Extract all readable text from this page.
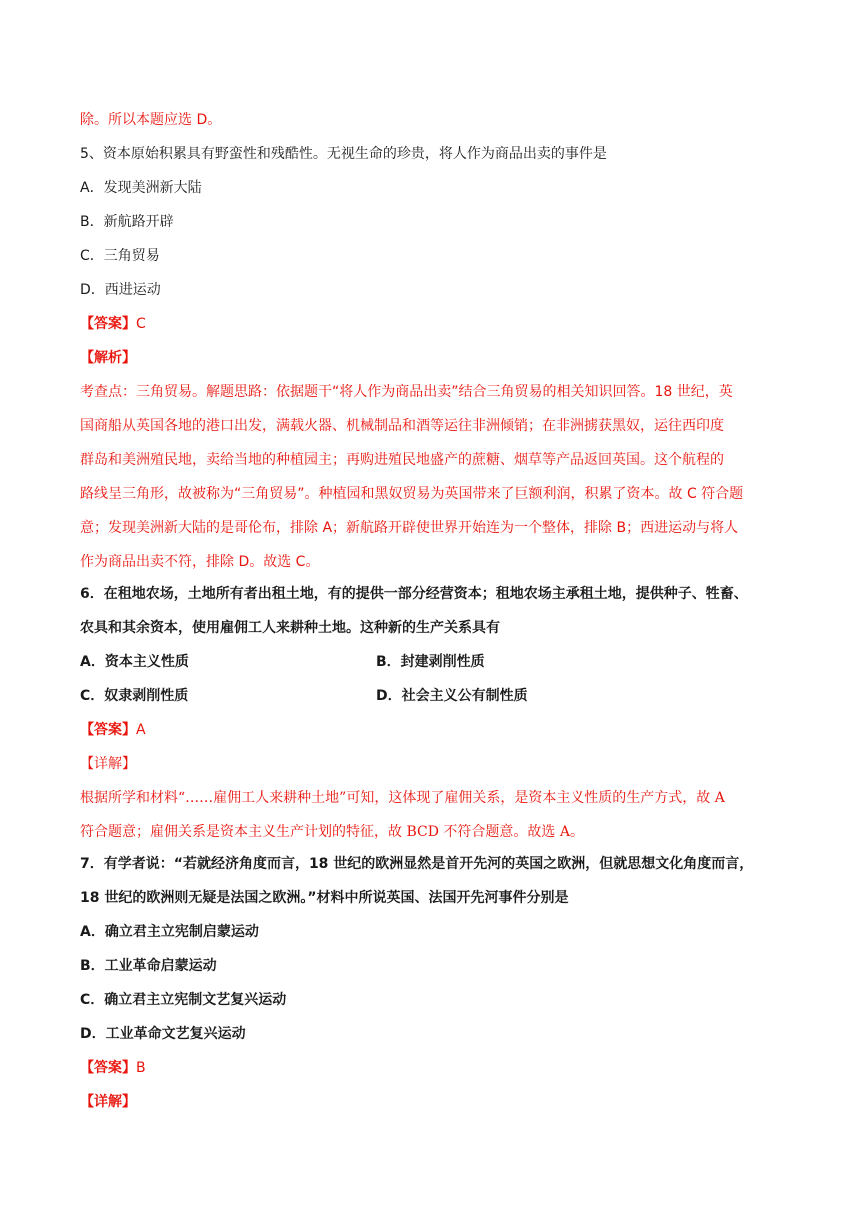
除。所以本题应选 D。
5、资本原始积累具有野蛮性和残酷性。无视生命的珍贵，将人作为商品出卖的事件是
A．发现美洲新大陆
B．新航路开辟
C．三角贸易
D．西进运动
【答案】C
【解析】
考查点：三角贸易。解题思路：依据题干“将人作为商品出卖”结合三角贸易的相关知识回答。18 世纪，英
国商船从英国各地的港口出发，满载火器、机械制品和酒等运往非洲倾销；在非洲掳获黑奴，运往西印度
群岛和美洲殖民地，卖给当地的种植园主；再购进殖民地盛产的蔗糖、烟草等产品返回英国。这个航程的
路线呈三角形，故被称为“三角贸易”。种植园和黑奴贸易为英国带来了巨额利润，积累了资本。故 C 符合题
意；发现美洲新大陆的是哥伦布，排除 A；新航路开辟使世界开始连为一个整体，排除 B；西进运动与将人
作为商品出卖不符，排除 D。故选 C。
6．在租地农场，土地所有者出租土地，有的提供一部分经营资本；租地农场主承租土地，提供种子、牲畜、
农具和其余资本，使用雇佣工人来耕种土地。这种新的生产关系具有
A．资本主义性质	B．封建剥削性质
C．奴隶剥削性质	D．社会主义公有制性质
【答案】A
【详解】
根据所学和材料“……雇佣工人来耕种土地”可知，这体现了雇佣关系，是资本主义性质的生产方式，故 A
符合题意；雇佣关系是资本主义生产计划的特征，故 BCD 不符合题意。故选 A。
7．有学者说：“若就经济角度而言，18 世纪的欧洲显然是首开先河的英国之欧洲，但就思想文化角度而言，
18 世纪的欧洲则无疑是法国之欧洲。”材料中所说英国、法国开先河事件分别是
A．确立君主立宪制启蒙运动
B．工业革命启蒙运动
C．确立君主立宪制文艺复兴运动
D．工业革命文艺复兴运动
【答案】B
【详解】
